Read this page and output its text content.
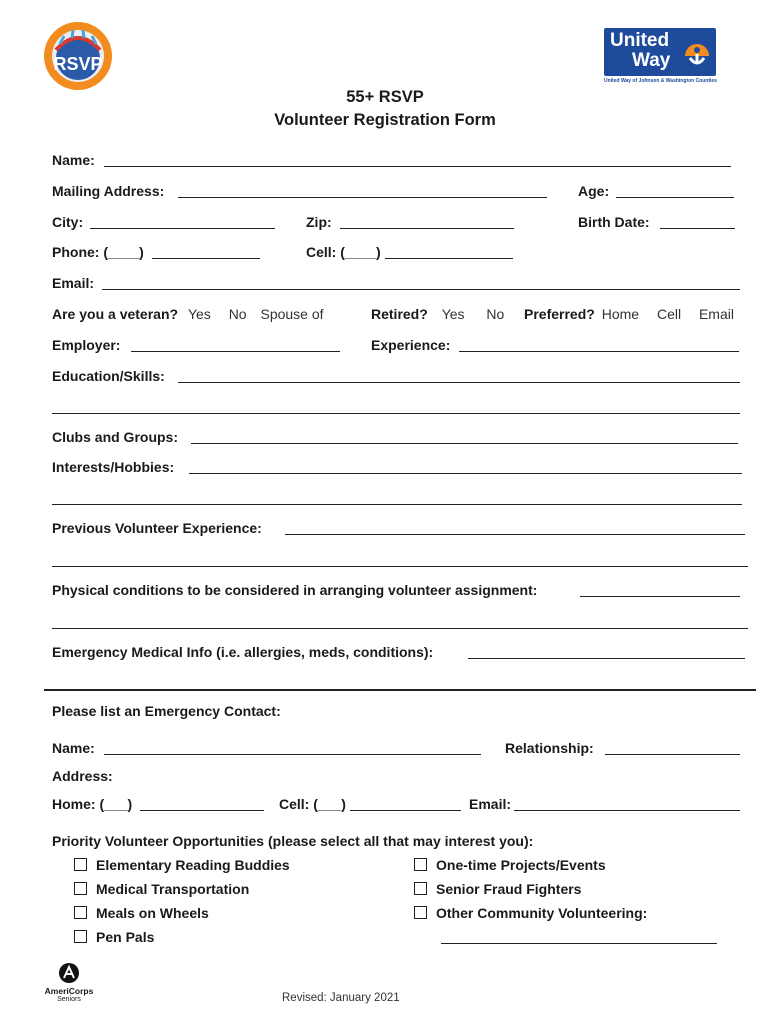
RSVP
United
Way
United Way of Johnson & Washington Counties
55+ RSVP
Volunteer Registration Form
Name:
Mailing Address:	Age:
City:	Zip:	Birth Date:
Phone: (____)	Cell: (____)
Email:
Are you a veteran? Yes No Spouse of	Retired? Yes No Preferred? Home Cell Email
Employer:	Experience:
Education/Skills:
Clubs and Groups:
Interests/Hobbies:
Previous Volunteer Experience:
Physical conditions to be considered in arranging volunteer assignment:
Emergency Medical Info (i.e. allergies, meds, conditions):
Please list an Emergency Contact:
Name:	Relationship:
Address:
Home: (___)	Cell: (___)	Email:
Priority Volunteer Opportunities (please select all that may interest you):
Elementary Reading Buddies
Medical Transportation
Meals on Wheels
Pen Pals
One-time Projects/Events
Senior Fraud Fighters
Other Community Volunteering:
AmeriCorps
Seniors	Revised: January 2021
